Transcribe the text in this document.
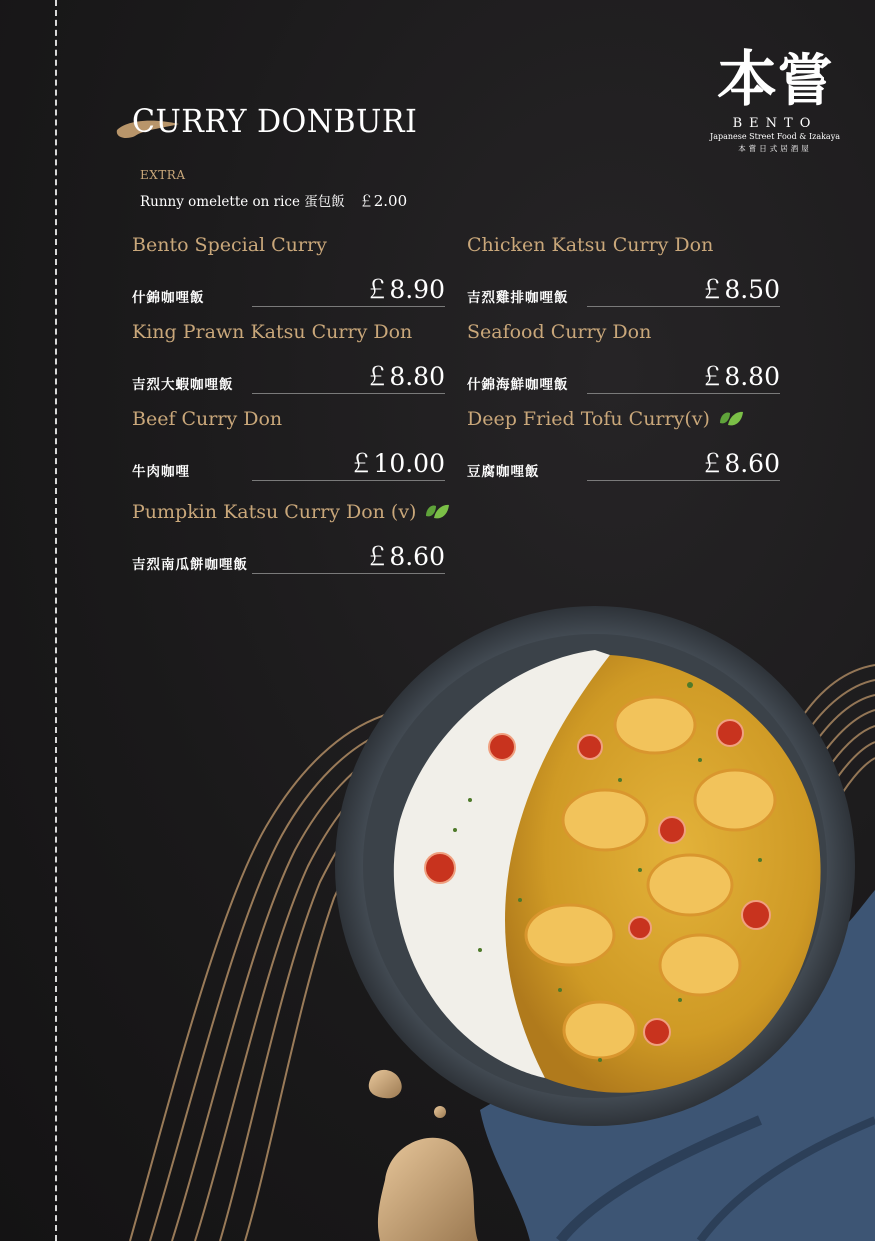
本 嘗
BENTO
Japanese Street Food & Izakaya
本嘗日式居酒屋
CURRY DONBURI
EXTRA
Runny omelette on rice 蛋包飯 ￡2.00
Bento Special Curry
什錦咖哩飯	￡8.90
Chicken Katsu Curry Don
吉烈雞排咖哩飯	￡8.50
King Prawn Katsu Curry Don
吉烈大蝦咖哩飯	￡8.80
Seafood Curry Don
什錦海鮮咖哩飯	￡8.80
Beef Curry Don
牛肉咖哩	￡10.00
Deep Fried Tofu Curry(v)
豆腐咖哩飯	￡8.60
Pumpkin Katsu Curry Don (v)
吉烈南瓜餅咖哩飯	￡8.60
